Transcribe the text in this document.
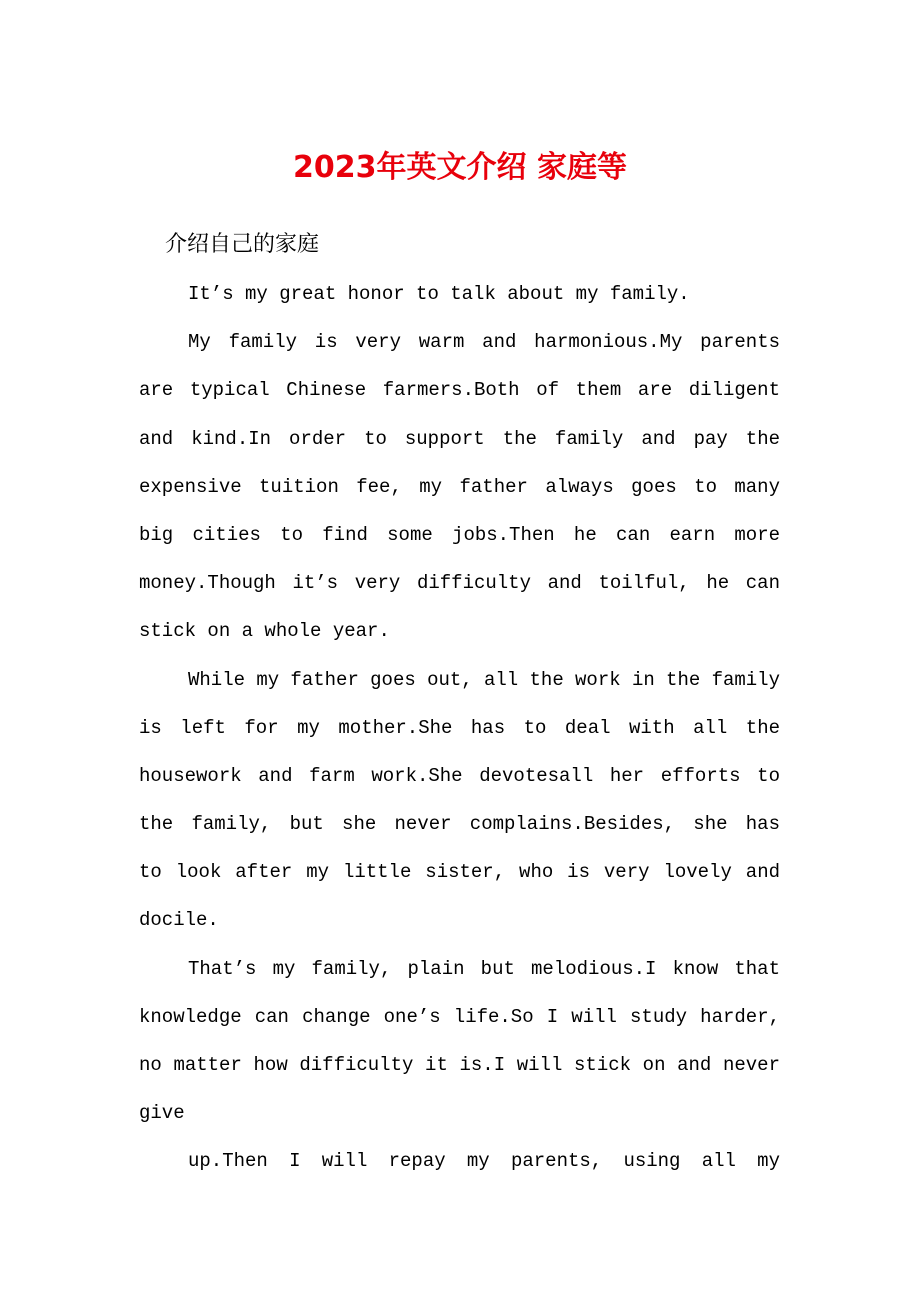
2023年英文介绍 家庭等
介绍自己的家庭
It’s my great honor to talk about my family.
My family is very warm and harmonious.My parents
are typical Chinese farmers.Both of them are diligent
and kind.In order to support the family and pay the
expensive tuition fee, my father always goes to many
big cities to find some jobs.Then he can earn more
money.Though it’s very difficulty and toilful, he can
stick on a whole year.
While my father goes out, all the work in the family
is left for my mother.She has to deal with all the
housework and farm work.She devotesall her efforts to
the family, but she never complains.Besides, she has
to look after my little sister, who is very lovely and
docile.
That’s my family, plain but melodious.I know that
knowledge can change one’s life.So I will study harder,
no matter how difficulty it is.I will stick on and never
give
up.Then I will repay my parents, using all my
